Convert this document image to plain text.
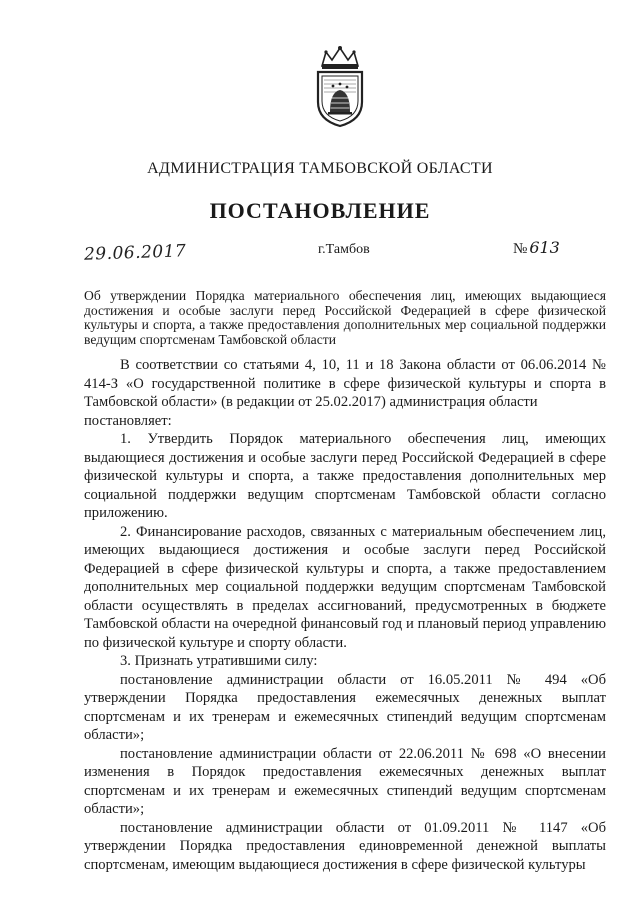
АДМИНИСТРАЦИЯ ТАМБОВСКОЙ ОБЛАСТИ
ПОСТАНОВЛЕНИЕ
29.06.2017	г.Тамбов	№ 613
Об утверждении Порядка материального обеспечения лиц, имеющих выдающиеся достижения и особые заслуги перед Российской Федерацией в сфере физической культуры и спорта, а также предоставления дополнительных мер социальной поддержки ведущим спортсменам Тамбовской области

В соответствии со статьями 4, 10, 11 и 18 Закона области от 06.06.2014 № 414-З «О государственной политике в сфере физической культуры и спорта в Тамбовской области» (в редакции от 25.02.2017) администрация области

постановляет:

1. Утвердить Порядок материального обеспечения лиц, имеющих выдающиеся достижения и особые заслуги перед Российской Федерацией в сфере физической культуры и спорта, а также предоставления дополнительных мер социальной поддержки ведущим спортсменам Тамбовской области согласно приложению.

2. Финансирование расходов, связанных с материальным обеспечением лиц, имеющих выдающиеся достижения и особые заслуги перед Российской Федерацией в сфере физической культуры и спорта, а также предоставлением дополнительных мер социальной поддержки ведущим спортсменам Тамбовской области осуществлять в пределах ассигнований, предусмотренных в бюджете Тамбовской области на очередной финансовый год и плановый период управлению по физической культуре и спорту области.

3. Признать утратившими силу:

постановление администрации области от 16.05.2011 № 494 «Об утверждении Порядка предоставления ежемесячных денежных выплат спортсменам и их тренерам и ежемесячных стипендий ведущим спортсменам области»;

постановление администрации области от 22.06.2011 № 698 «О внесении изменения в Порядок предоставления ежемесячных денежных выплат спортсменам и их тренерам и ежемесячных стипендий ведущим спортсменам области»;

постановление администрации области от 01.09.2011 № 1147 «Об утверждении Порядка предоставления единовременной денежной выплаты спортсменам, имеющим выдающиеся достижения в сфере физической культуры
